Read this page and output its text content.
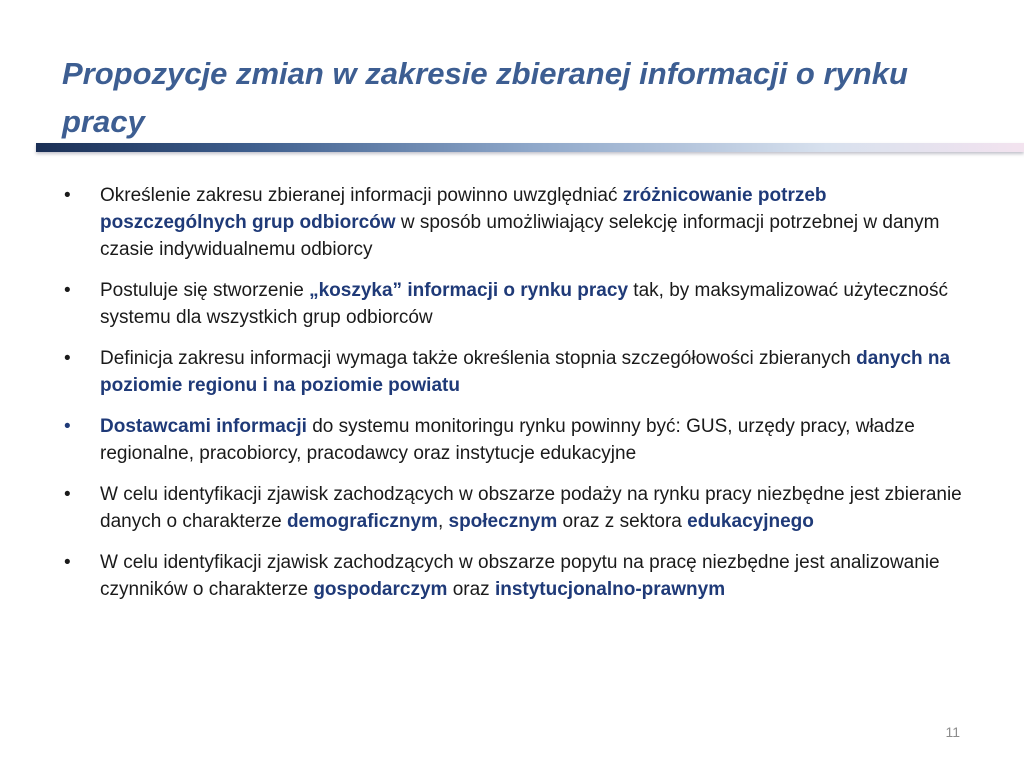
Propozycje zmian w zakresie zbieranej informacji o rynku pracy
•	Określenie zakresu zbieranej informacji powinno uwzględniać zróżnicowanie potrzeb poszczególnych grup odbiorców w sposób umożliwiający selekcję informacji potrzebnej w danym czasie indywidualnemu odbiorcy
•	Postuluje się stworzenie „koszyka” informacji o rynku pracy tak, by maksymalizować użyteczność systemu dla wszystkich grup odbiorców
•	Definicja zakresu informacji wymaga także określenia stopnia szczegółowości zbieranych danych na poziomie regionu i na poziomie powiatu
•	Dostawcami informacji do systemu monitoringu rynku powinny być: GUS, urzędy pracy, władze regionalne, pracobiorcy, pracodawcy oraz instytucje edukacyjne
•	W celu identyfikacji zjawisk zachodzących w obszarze podaży na rynku pracy niezbędne jest zbieranie danych o charakterze demograficznym, społecznym oraz z sektora edukacyjnego
•	W celu identyfikacji zjawisk zachodzących w obszarze popytu na pracę niezbędne jest analizowanie czynników o charakterze gospodarczym oraz instytucjonalno-prawnym
11
